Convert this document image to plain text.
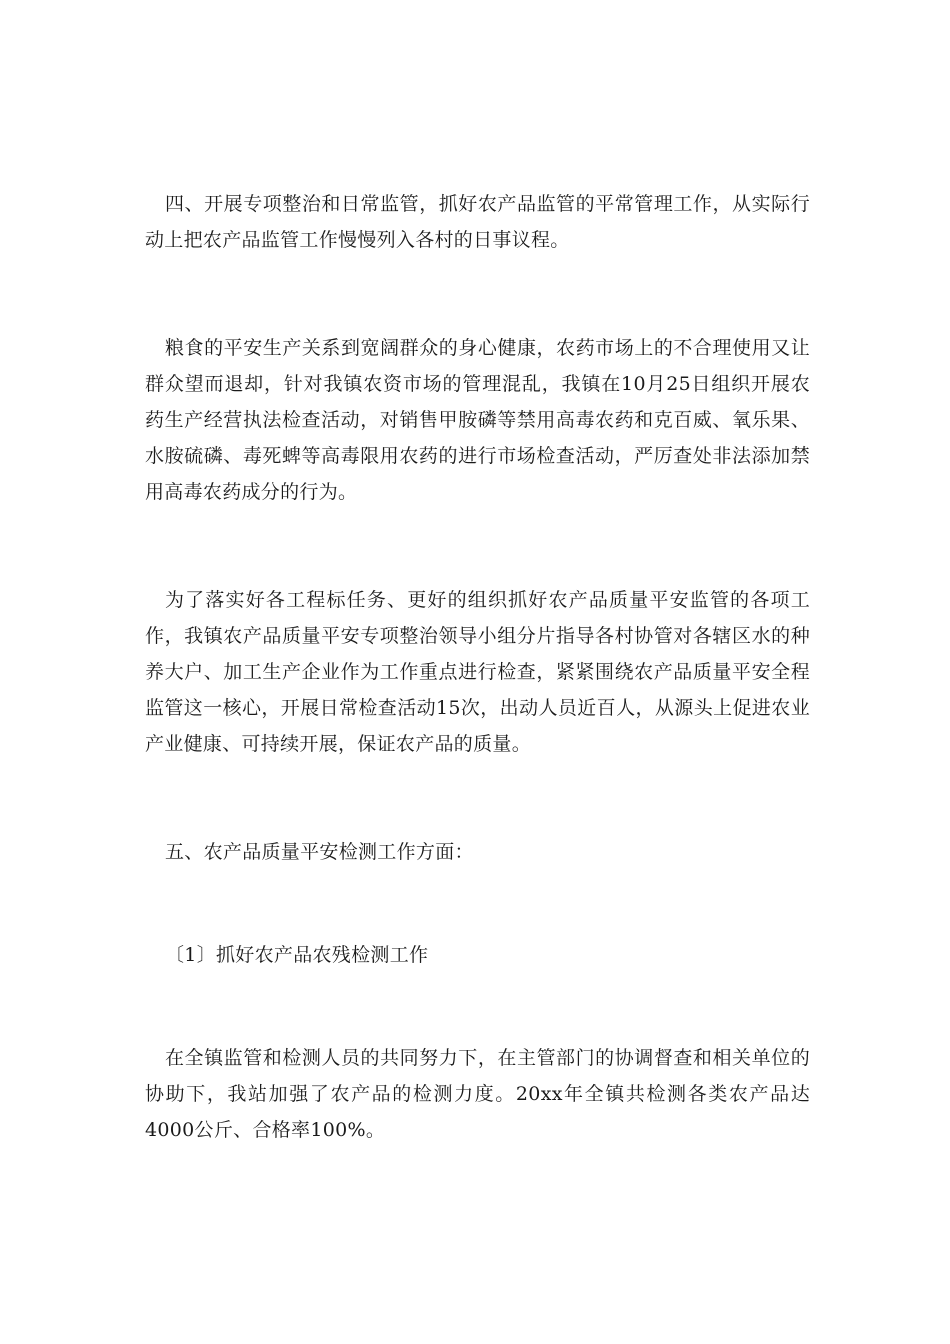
四、开展专项整治和日常监管，抓好农产品监管的平常管理工作，从实际行动上把农产品监管工作慢慢列入各村的日事议程。

粮食的平安生产关系到宽阔群众的身心健康，农药市场上的不合理使用又让群众望而退却，针对我镇农资市场的管理混乱，我镇在10月25日组织开展农药生产经营执法检查活动，对销售甲胺磷等禁用高毒农药和克百威、氧乐果、水胺硫磷、毒死蜱等高毒限用农药的进行市场检查活动，严厉查处非法添加禁用高毒农药成分的行为。

为了落实好各工程标任务、更好的组织抓好农产品质量平安监管的各项工作，我镇农产品质量平安专项整治领导小组分片指导各村协管对各辖区水的种养大户、加工生产企业作为工作重点进行检查，紧紧围绕农产品质量平安全程监管这一核心，开展日常检查活动15次，出动人员近百人，从源头上促进农业产业健康、可持续开展，保证农产品的质量。

五、农产品质量平安检测工作方面：

〔1〕抓好农产品农残检测工作

在全镇监管和检测人员的共同努力下，在主管部门的协调督查和相关单位的协助下，我站加强了农产品的检测力度。20xx年全镇共检测各类农产品达4000公斤、合格率100%。
